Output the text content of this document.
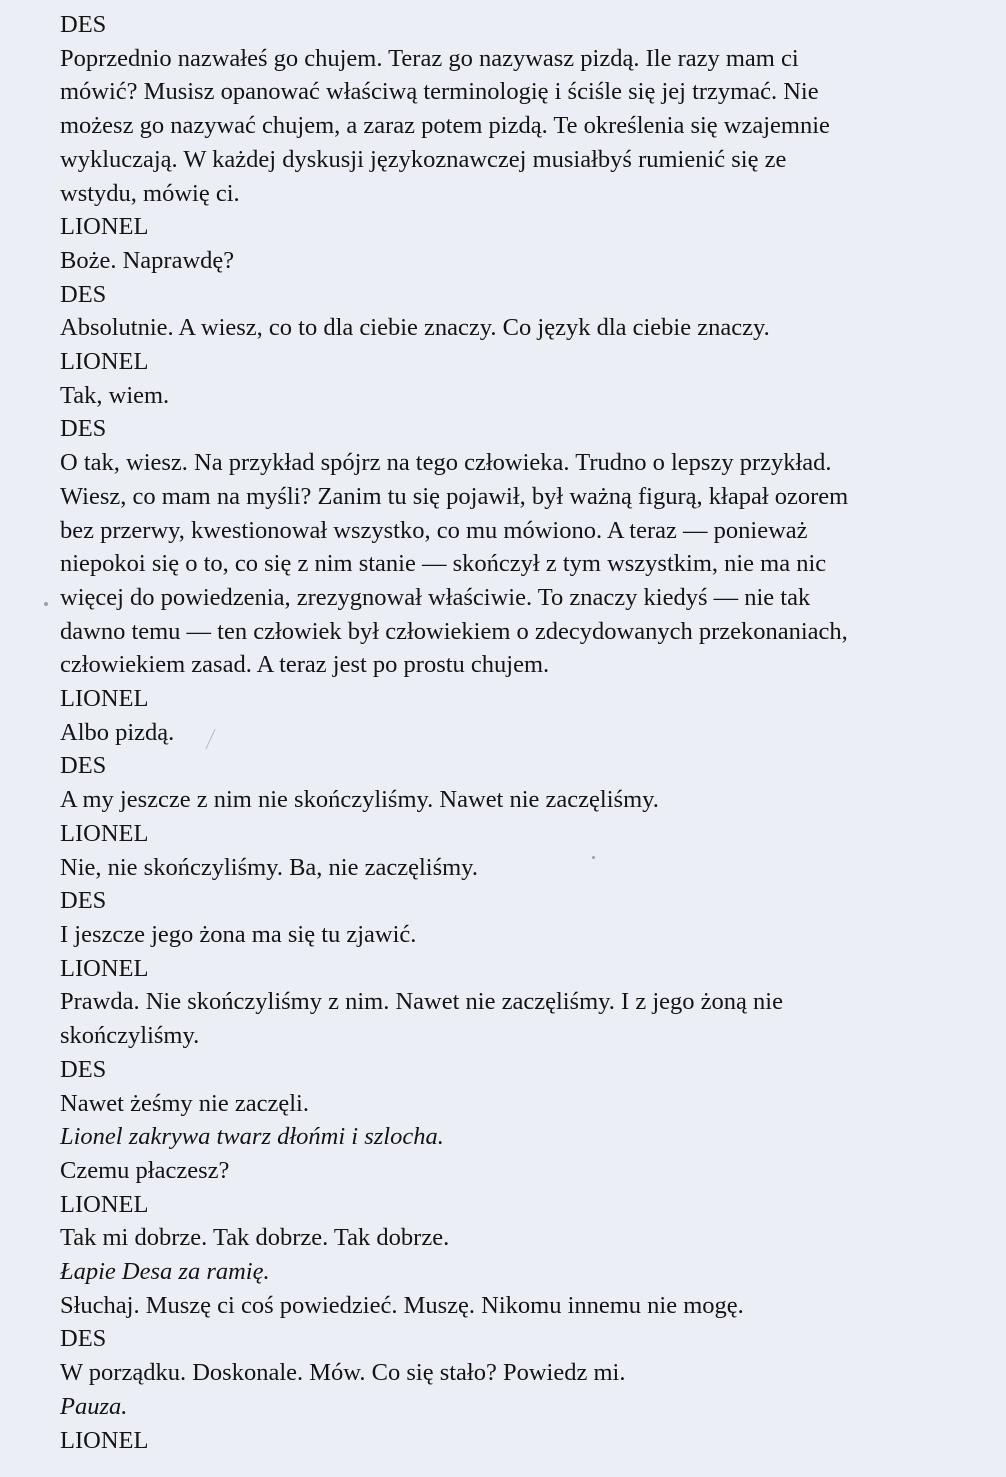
DES
Poprzednio nazwałeś go chujem. Teraz go nazywasz pizdą. Ile razy mam ci
mówić? Musisz opanować właściwą terminologię i ściśle się jej trzymać. Nie
możesz go nazywać chujem, a zaraz potem pizdą. Te określenia się wzajemnie
wykluczają. W każdej dyskusji językoznawczej musiałbyś rumienić się ze
wstydu, mówię ci.
LIONEL
Boże. Naprawdę?
DES
Absolutnie. A wiesz, co to dla ciebie znaczy. Co język dla ciebie znaczy.
LIONEL
Tak, wiem.
DES
O tak, wiesz. Na przykład spójrz na tego człowieka. Trudno o lepszy przykład.
Wiesz, co mam na myśli? Zanim tu się pojawił, był ważną figurą, kłapał ozorem
bez przerwy, kwestionował wszystko, co mu mówiono. A teraz — ponieważ
niepokoi się o to, co się z nim stanie — skończył z tym wszystkim, nie ma nic
więcej do powiedzenia, zrezygnował właściwie. To znaczy kiedyś — nie tak
dawno temu — ten człowiek był człowiekiem o zdecydowanych przekonaniach,
człowiekiem zasad. A teraz jest po prostu chujem.
LIONEL
Albo pizdą.
DES
A my jeszcze z nim nie skończyliśmy. Nawet nie zaczęliśmy.
LIONEL
Nie, nie skończyliśmy. Ba, nie zaczęliśmy.
DES
I jeszcze jego żona ma się tu zjawić.
LIONEL
Prawda. Nie skończyliśmy z nim. Nawet nie zaczęliśmy. I z jego żoną nie
skończyliśmy.
DES
Nawet żeśmy nie zaczęli.
Lionel zakrywa twarz dłońmi i szlocha.
Czemu płaczesz?
LIONEL
Tak mi dobrze. Tak dobrze. Tak dobrze.
Łapie Desa za ramię.
Słuchaj. Muszę ci coś powiedzieć. Muszę. Nikomu innemu nie mogę.
DES
W porządku. Doskonale. Mów. Co się stało? Powiedz mi.
Pauza.
LIONEL
